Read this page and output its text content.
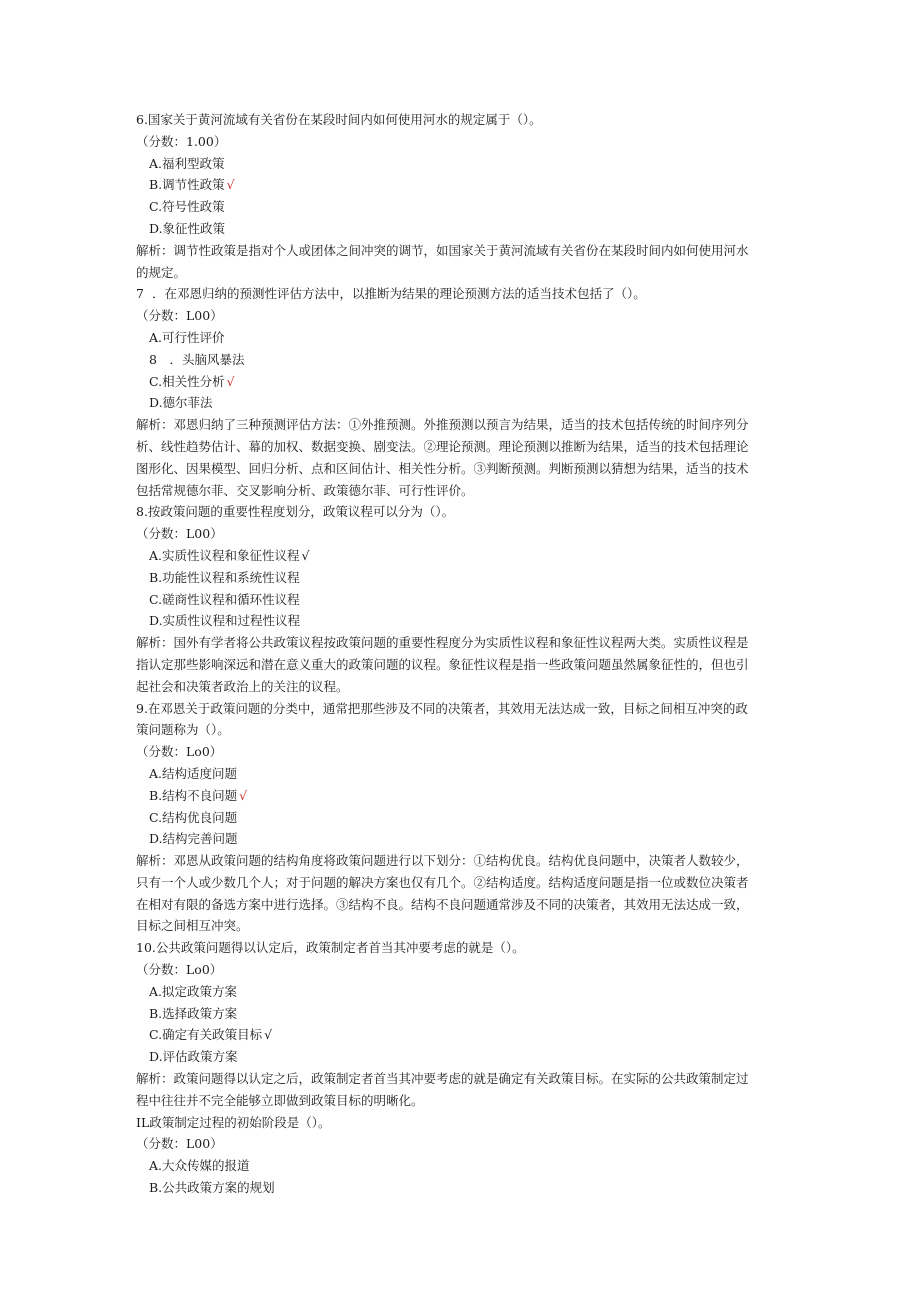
6.国家关于黄河流域有关省份在某段时间内如何使用河水的规定属于（）。
（分数：1.00）
A.福利型政策
B.调节性政策 √
C.符号性政策
D.象征性政策
解析：调节性政策是指对个人或团体之间冲突的调节，如国家关于黄河流域有关省份在某段时间内如何使用河水
的规定。
7 ．在邓恩归纳的预测性评估方法中，以推断为结果的理论预测方法的适当技术包括了（）。
（分数：L00）
A.可行性评价
8　．头脑风暴法
C.相关性分析 √
D.德尔菲法
解析：邓恩归纳了三种预测评估方法：①外推预测。外推预测以预言为结果，适当的技术包括传统的时间序列分
析、线性趋势估计、幕的加权、数据变换、剧变法。②理论预测。理论预测以推断为结果，适当的技术包括理论
图形化、因果模型、回归分析、点和区间估计、相关性分析。③判断预测。判断预测以猜想为结果，适当的技术
包括常规德尔菲、交叉影响分析、政策德尔菲、可行性评价。
8.按政策问题的重要性程度划分，政策议程可以分为（）。
（分数：L00）
A.实质性议程和象征性议程 √
B.功能性议程和系统性议程
C.磋商性议程和循环性议程
D.实质性议程和过程性议程
解析：国外有学者将公共政策议程按政策问题的重要性程度分为实质性议程和象征性议程两大类。实质性议程是
指认定那些影响深远和潜在意义重大的政策问题的议程。象征性议程是指一些政策问题虽然属象征性的，但也引
起社会和决策者政治上的关注的议程。
9.在邓恩关于政策问题的分类中，通常把那些涉及不同的决策者，其效用无法达成一致，目标之间相互冲突的政
策问题称为（）。
（分数：Lo0）
A.结构适度问题
B.结构不良问题 √
C.结构优良问题
D.结构完善问题
解析：邓恩从政策问题的结构角度将政策问题进行以下划分：①结构优良。结构优良问题中，决策者人数较少，
只有一个人或少数几个人；对于问题的解决方案也仅有几个。②结构适度。结构适度问题是指一位或数位决策者
在相对有限的备选方案中进行选择。③结构不良。结构不良问题通常涉及不同的决策者，其效用无法达成一致，
目标之间相互冲突。
10.公共政策问题得以认定后，政策制定者首当其冲要考虑的就是（）。
（分数：Lo0）
A.拟定政策方案
B.选择政策方案
C.确定有关政策目标 √
D.评估政策方案
解析：政策问题得以认定之后，政策制定者首当其冲要考虑的就是确定有关政策目标。在实际的公共政策制定过
程中往往并不完全能够立即做到政策目标的明晰化。
IL政策制定过程的初始阶段是（）。
（分数：L00）
A.大众传媒的报道
B.公共政策方案的规划
